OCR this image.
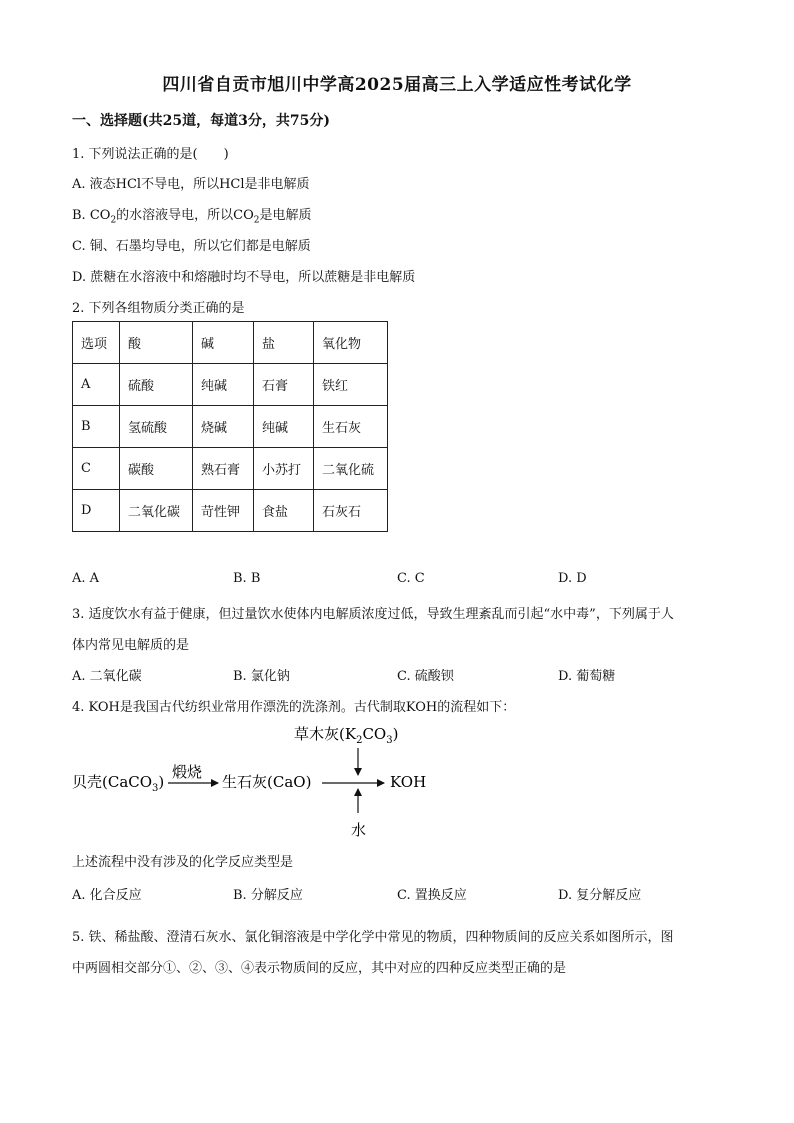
四川省自贡市旭川中学高2025届高三上入学适应性考试化学
一、选择题(共25道，每道3分，共75分)
1. 下列说法正确的是(　　)
A. 液态HCl不导电，所以HCl是非电解质
B. $CO_2$的水溶液导电，所以$CO_2$是电解质
C. 铜、石墨均导电，所以它们都是电解质
D. 蔗糖在水溶液中和熔融时均不导电，所以蔗糖是非电解质
2. 下列各组物质分类正确的是
选项	酸	碱	盐	氧化物
A	硫酸	纯碱	石膏	铁红
B	氢硫酸	烧碱	纯碱	生石灰
C	碳酸	熟石膏	小苏打	二氧化硫
D	二氧化碳	苛性钾	食盐	石灰石
A. A	B. B	C. C	D. D
3. 适度饮水有益于健康，但过量饮水使体内电解质浓度过低，导致生理紊乱而引起“水中毒”，下列属于人
体内常见电解质的是
A. 二氧化碳	B. 氯化钠	C. 硫酸钡	D. 葡萄糖
4. KOH是我国古代纺织业常用作漂洗的洗涤剂。古代制取KOH的流程如下：
草木灰$(K_2CO_3)$
贝壳(CaCO$_3$)
煅烧
生石灰(CaO)	KOH
水
上述流程中没有涉及的化学反应类型是
A. 化合反应	B. 分解反应	C. 置换反应	D. 复分解反应
5. 铁、稀盐酸、澄清石灰水、氯化铜溶液是中学化学中常见的物质，四种物质间的反应关系如图所示，图
中两圆相交部分①、②、③、④表示物质间的反应，其中对应的四种反应类型正确的是
